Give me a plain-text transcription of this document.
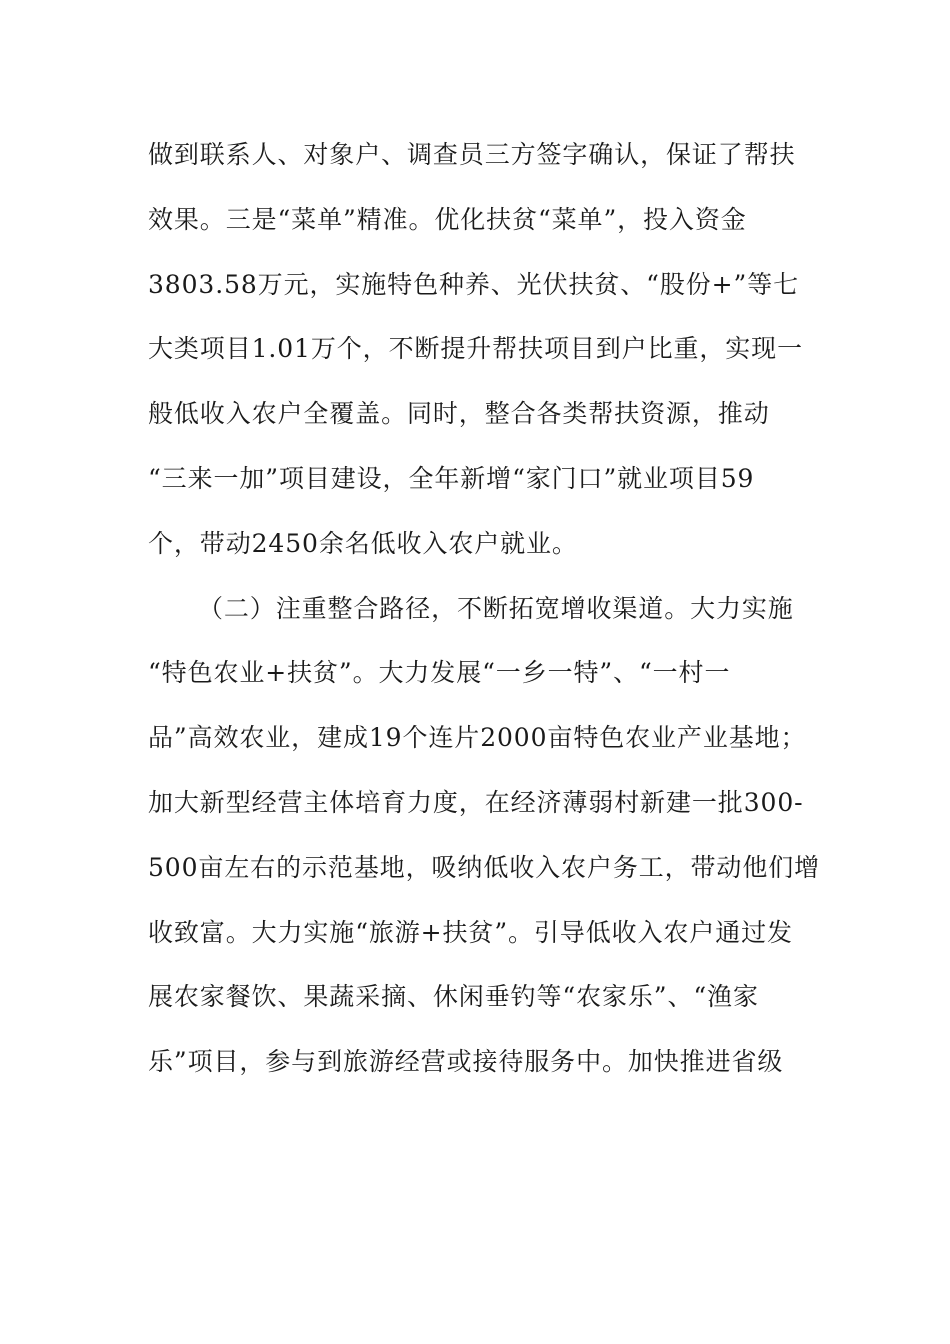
做到联系人、对象户、调查员三方签字确认，保证了帮扶
效果。三是“菜单”精准。优化扶贫“菜单”，投入资金
3803.58万元，实施特色种养、光伏扶贫、“股份+”等七
大类项目1.01万个，不断提升帮扶项目到户比重，实现一
般低收入农户全覆盖。同时，整合各类帮扶资源，推动
“三来一加”项目建设，全年新增“家门口”就业项目59
个，带动2450余名低收入农户就业。
（二）注重整合路径，不断拓宽增收渠道。大力实施
“特色农业+扶贫”。大力发展“一乡一特”、“一村一
品”高效农业，建成19个连片2000亩特色农业产业基地；
加大新型经营主体培育力度，在经济薄弱村新建一批300-
500亩左右的示范基地，吸纳低收入农户务工，带动他们增
收致富。大力实施“旅游+扶贫”。引导低收入农户通过发
展农家餐饮、果蔬采摘、休闲垂钓等“农家乐”、“渔家
乐”项目，参与到旅游经营或接待服务中。加快推进省级
